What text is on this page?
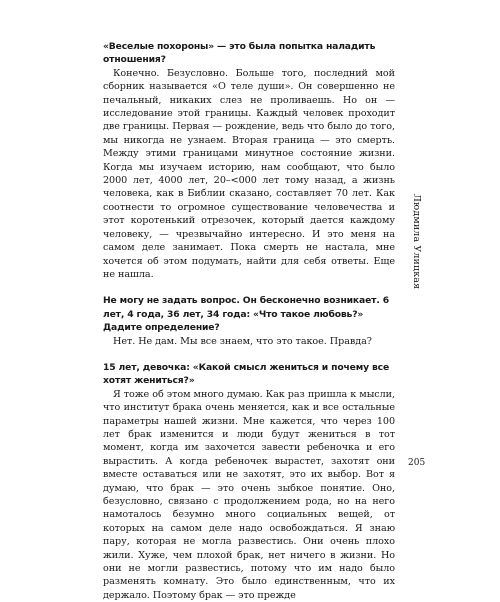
«Веселые похороны» — это была попытка наладить отношения?

Конечно. Безусловно. Больше того, последний мой сборник называется «О теле души». Он совершенно не печальный, никаких слез не проливаешь. Но он — исследование этой границы. Каждый человек проходит две границы. Первая — рождение, ведь что было до того, мы никогда не узнаем. Вторая граница — это смерть. Между этими границами минутное состояние жизни. Когда мы изучаем историю, нам сообщают, что было 2000 лет, 4000 лет, 20–<000 лет тому назад, а жизнь человека, как в Библии сказано, составляет 70 лет. Как соотнести то огромное существование человечества и этот коротенький отрезочек, который дается каждому человеку, — чрезвычайно интересно. И это меня на самом деле занимает. Пока смерть не настала, мне хочется об этом подумать, найти для себя ответы. Еще не нашла.

Не могу не задать вопрос. Он бесконечно возникает. 6 лет, 4 года, 36 лет, 34 года: «Что такое любовь?» Дадите определение?

Нет. Не дам. Мы все знаем, что это такое. Правда?

15 лет, девочка: «Какой смысл жениться и почему все хотят жениться?»

Я тоже об этом много думаю. Как раз пришла к мысли, что институт брака очень меняется, как и все остальные параметры нашей жизни. Мне кажется, что через 100 лет брак изменится и люди будут жениться в тот момент, когда им захочется завести ребеночка и его вырастить. А когда ребеночек вырастет, захотят они вместе оставаться или не захотят, это их выбор. Вот я думаю, что брак — это очень зыбкое понятие. Оно, безусловно, связано с продолжением рода, но на него намоталось безумно много социальных вещей, от которых на самом деле надо освобождаться. Я знаю пару, которая не могла развестись. Они очень плохо жили. Хуже, чем плохой брак, нет ничего в жизни. Но они не могли развестись, потому что им надо было разменять комнату. Это было единственным, что их держало. Поэтому брак — это прежде

Людмила Улицкая
205
